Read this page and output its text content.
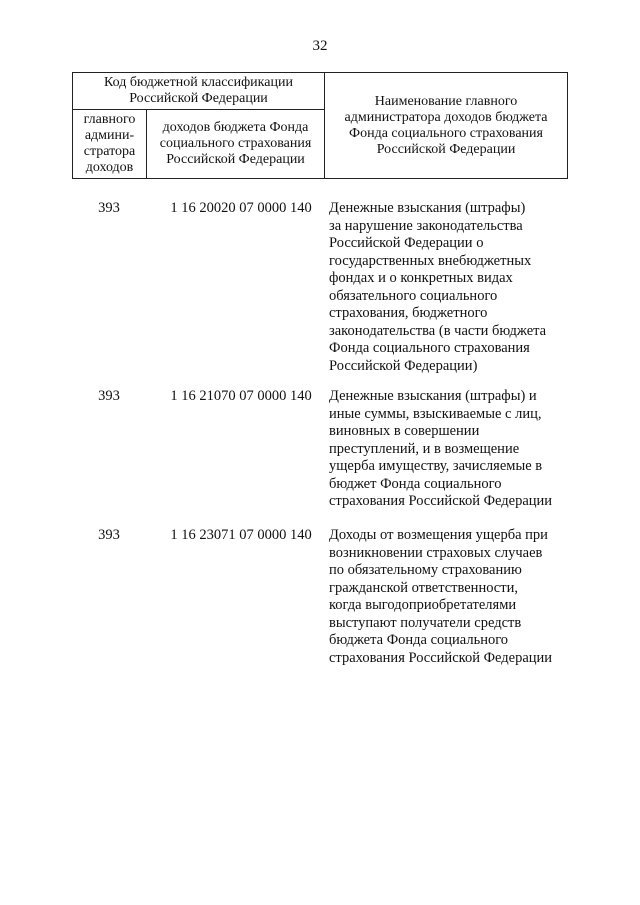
32
Код бюджетной классификации Российской Федерации		Наименование главного администратора доходов бюджета Фонда социального страхования Российской Федерации
главного админи-стратора доходов	доходов бюджета Фонда социального страхования Российской Федерации	
393	1 16 20020 07 0000 140	Денежные взыскания (штрафы)
за нарушение законодательства
Российской Федерации о
государственных внебюджетных
фондах и о конкретных видах
обязательного социального
страхования, бюджетного
законодательства (в части бюджета
Фонда социального страхования
Российской Федерации)
393	1 16 21070 07 0000 140	Денежные взыскания (штрафы) и
иные суммы, взыскиваемые с лиц,
виновных в совершении
преступлений, и в возмещение
ущерба имуществу, зачисляемые в
бюджет Фонда социального
страхования Российской Федерации
393	1 16 23071 07 0000 140	Доходы от возмещения ущерба при
возникновении страховых случаев
по обязательному страхованию
гражданской ответственности,
когда выгодоприобретателями
выступают получатели средств
бюджета Фонда социального
страхования Российской Федерации
